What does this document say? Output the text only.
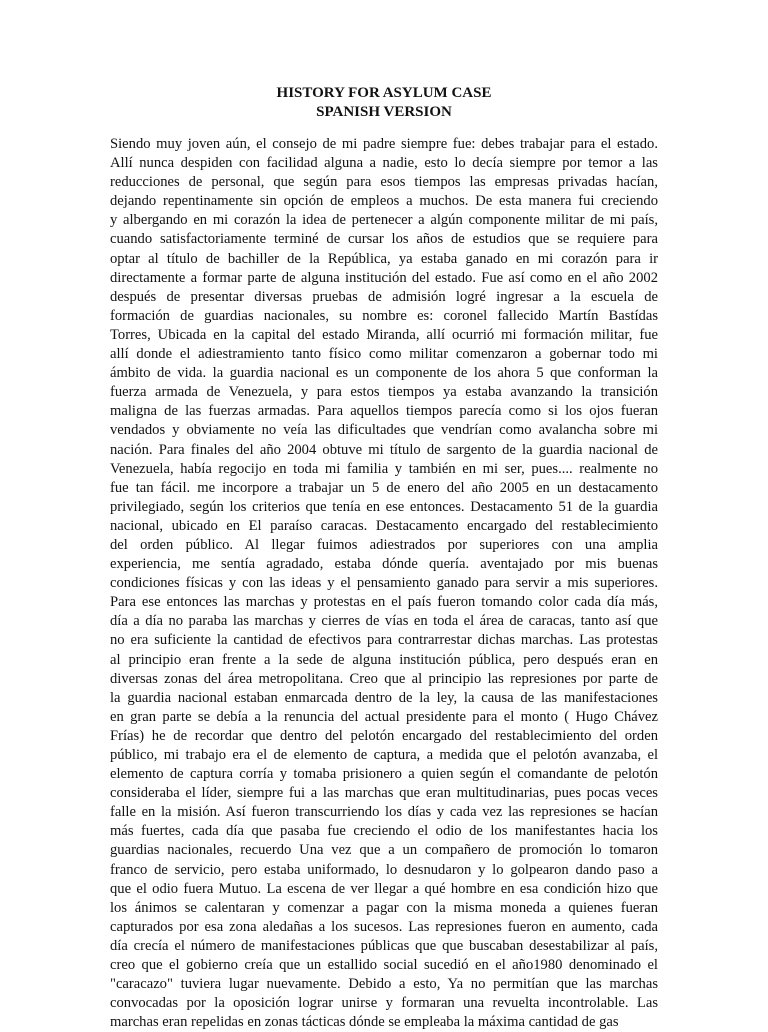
HISTORY FOR ASYLUM CASE
SPANISH VERSION
Siendo muy joven aún, el consejo de mi padre siempre fue: debes trabajar para el estado.
Allí nunca despiden con facilidad alguna a nadie, esto lo decía siempre por temor a las
reducciones de personal, que según para esos tiempos las empresas privadas hacían,
dejando repentinamente sin opción de empleos a muchos. De esta manera fui creciendo
y albergando en mi corazón la idea de pertenecer a algún componente militar de mi país,
cuando satisfactoriamente terminé de cursar los años de estudios que se requiere para
optar al título de bachiller de la República, ya estaba ganado en mi corazón para ir
directamente a formar parte de alguna institución del estado. Fue así como en el año 2002
después de presentar diversas pruebas de admisión logré ingresar a la escuela de
formación de guardias nacionales, su nombre es: coronel fallecido Martín Bastídas
Torres, Ubicada en la capital del estado Miranda, allí ocurrió mi formación militar, fue
allí donde el adiestramiento tanto físico como militar comenzaron a gobernar todo mi
ámbito de vida. la guardia nacional es un componente de los ahora 5 que conforman la
fuerza armada de Venezuela, y para estos tiempos ya estaba avanzando la transición
maligna de las fuerzas armadas. Para aquellos tiempos parecía como si los ojos fueran
vendados y obviamente no veía las dificultades que vendrían como avalancha sobre mi
nación. Para finales del año 2004 obtuve mi título de sargento de la guardia nacional de
Venezuela, había regocijo en toda mi familia y también en mi ser, pues.... realmente no
fue tan fácil. me incorpore a trabajar un 5 de enero del año 2005 en un destacamento
privilegiado, según los criterios que tenía en ese entonces. Destacamento 51 de la guardia
nacional, ubicado en El paraíso caracas. Destacamento encargado del restablecimiento
del orden público. Al llegar fuimos adiestrados por superiores con una amplia
experiencia, me sentía agradado, estaba dónde quería. aventajado por mis buenas
condiciones físicas y con las ideas y el pensamiento ganado para servir a mis superiores.
Para ese entonces las marchas y protestas en el país fueron tomando color cada día más,
día a día no paraba las marchas y cierres de vías en toda el área de caracas, tanto así que
no era suficiente la cantidad de efectivos para contrarrestar dichas marchas. Las protestas
al principio eran frente a la sede de alguna institución pública, pero después eran en
diversas zonas del área metropolitana. Creo que al principio las represiones por parte de
la guardia nacional estaban enmarcada dentro de la ley, la causa de las manifestaciones
en gran parte se debía a la renuncia del actual presidente para el monto ( Hugo Chávez
Frías) he de recordar que dentro del pelotón encargado del restablecimiento del orden
público, mi trabajo era el de elemento de captura, a medida que el pelotón avanzaba, el
elemento de captura corría y tomaba prisionero a quien según el comandante de pelotón
consideraba el líder, siempre fui a las marchas que eran multitudinarias, pues pocas veces
falle en la misión. Así fueron transcurriendo los días y cada vez las represiones se hacían
más fuertes, cada día que pasaba fue creciendo el odio de los manifestantes hacia los
guardias nacionales, recuerdo Una vez que a un compañero de promoción lo tomaron
franco de servicio, pero estaba uniformado, lo desnudaron y lo golpearon dando paso a
que el odio fuera Mutuo. La escena de ver llegar a qué hombre en esa condición hizo que
los ánimos se calentaran y comenzar a pagar con la misma moneda a quienes fueran
capturados por esa zona aledañas a los sucesos. Las represiones fueron en aumento, cada
día crecía el número de manifestaciones públicas que que buscaban desestabilizar al país,
creo que el gobierno creía que un estallido social sucedió en el año1980 denominado el
"caracazo" tuviera lugar nuevamente. Debido a esto, Ya no permitían que las marchas
convocadas por la oposición lograr unirse y formaran una revuelta incontrolable. Las
marchas eran repelidas en zonas tácticas dónde se empleaba la máxima cantidad de gas
